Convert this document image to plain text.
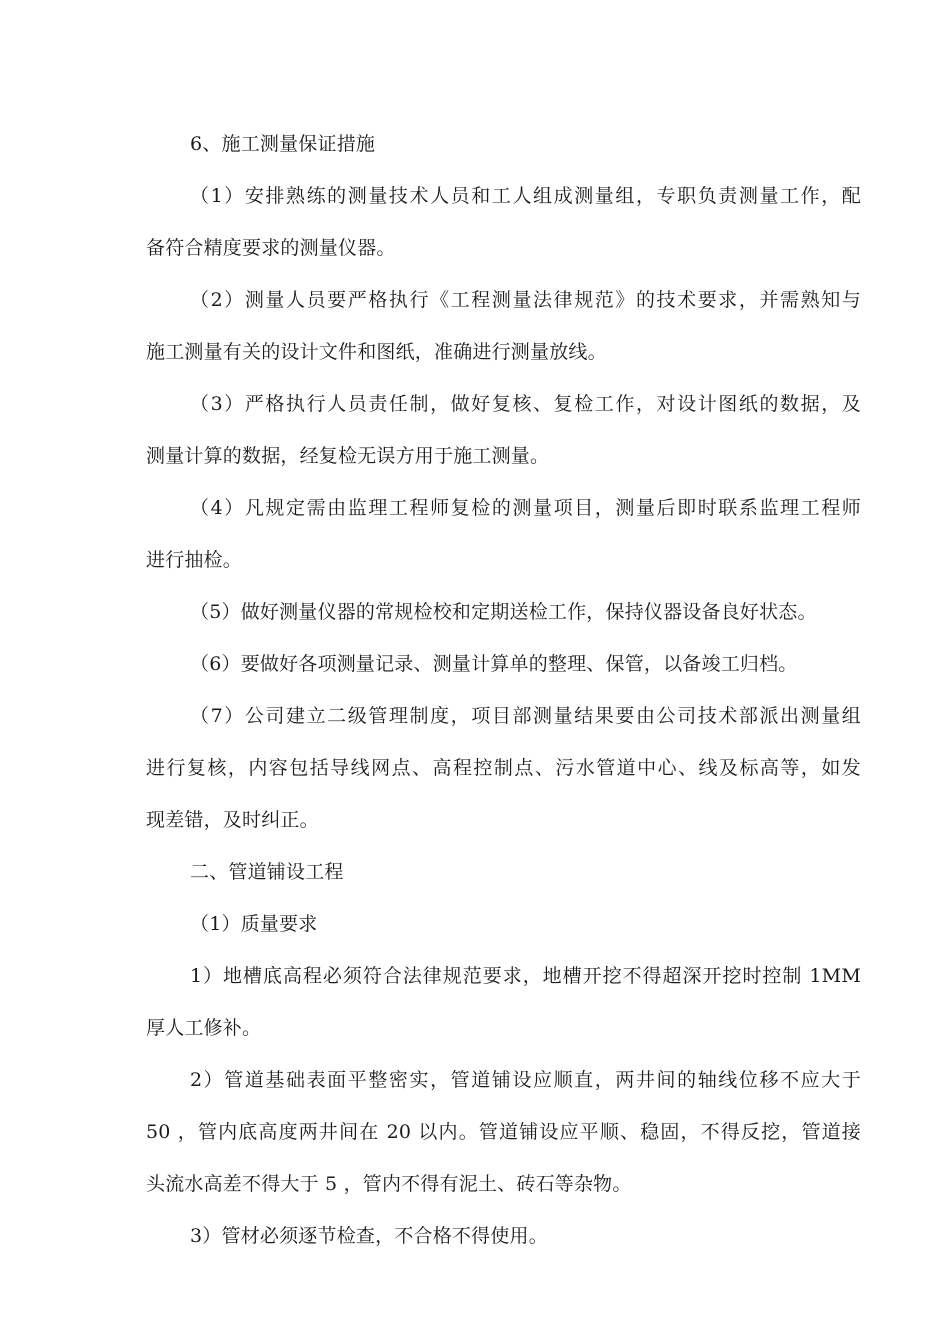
6、施工测量保证措施
（1）安排熟练的测量技术人员和工人组成测量组，专职负责测量工作，配
备符合精度要求的测量仪器。
（2）测量人员要严格执行《工程测量法律规范》的技术要求，并需熟知与
施工测量有关的设计文件和图纸，准确进行测量放线。
（3）严格执行人员责任制，做好复核、复检工作，对设计图纸的数据，及
测量计算的数据，经复检无误方用于施工测量。
（4）凡规定需由监理工程师复检的测量项目，测量后即时联系监理工程师
进行抽检。
（5）做好测量仪器的常规检校和定期送检工作，保持仪器设备良好状态。
（6）要做好各项测量记录、测量计算单的整理、保管，以备竣工归档。
（7）公司建立二级管理制度，项目部测量结果要由公司技术部派出测量组
进行复核，内容包括导线网点、高程控制点、污水管道中心、线及标高等，如发
现差错，及时纠正。
二、管道铺设工程
（1）质量要求
1）地槽底高程必须符合法律规范要求，地槽开挖不得超深开挖时控制 1MM
厚人工修补。
2）管道基础表面平整密实，管道铺设应顺直，两井间的轴线位移不应大于
50 ，管内底高度两井间在 20 以内。管道铺设应平顺、稳固，不得反挖，管道接
头流水高差不得大于 5 ，管内不得有泥土、砖石等杂物。
3）管材必须逐节检查，不合格不得使用。
